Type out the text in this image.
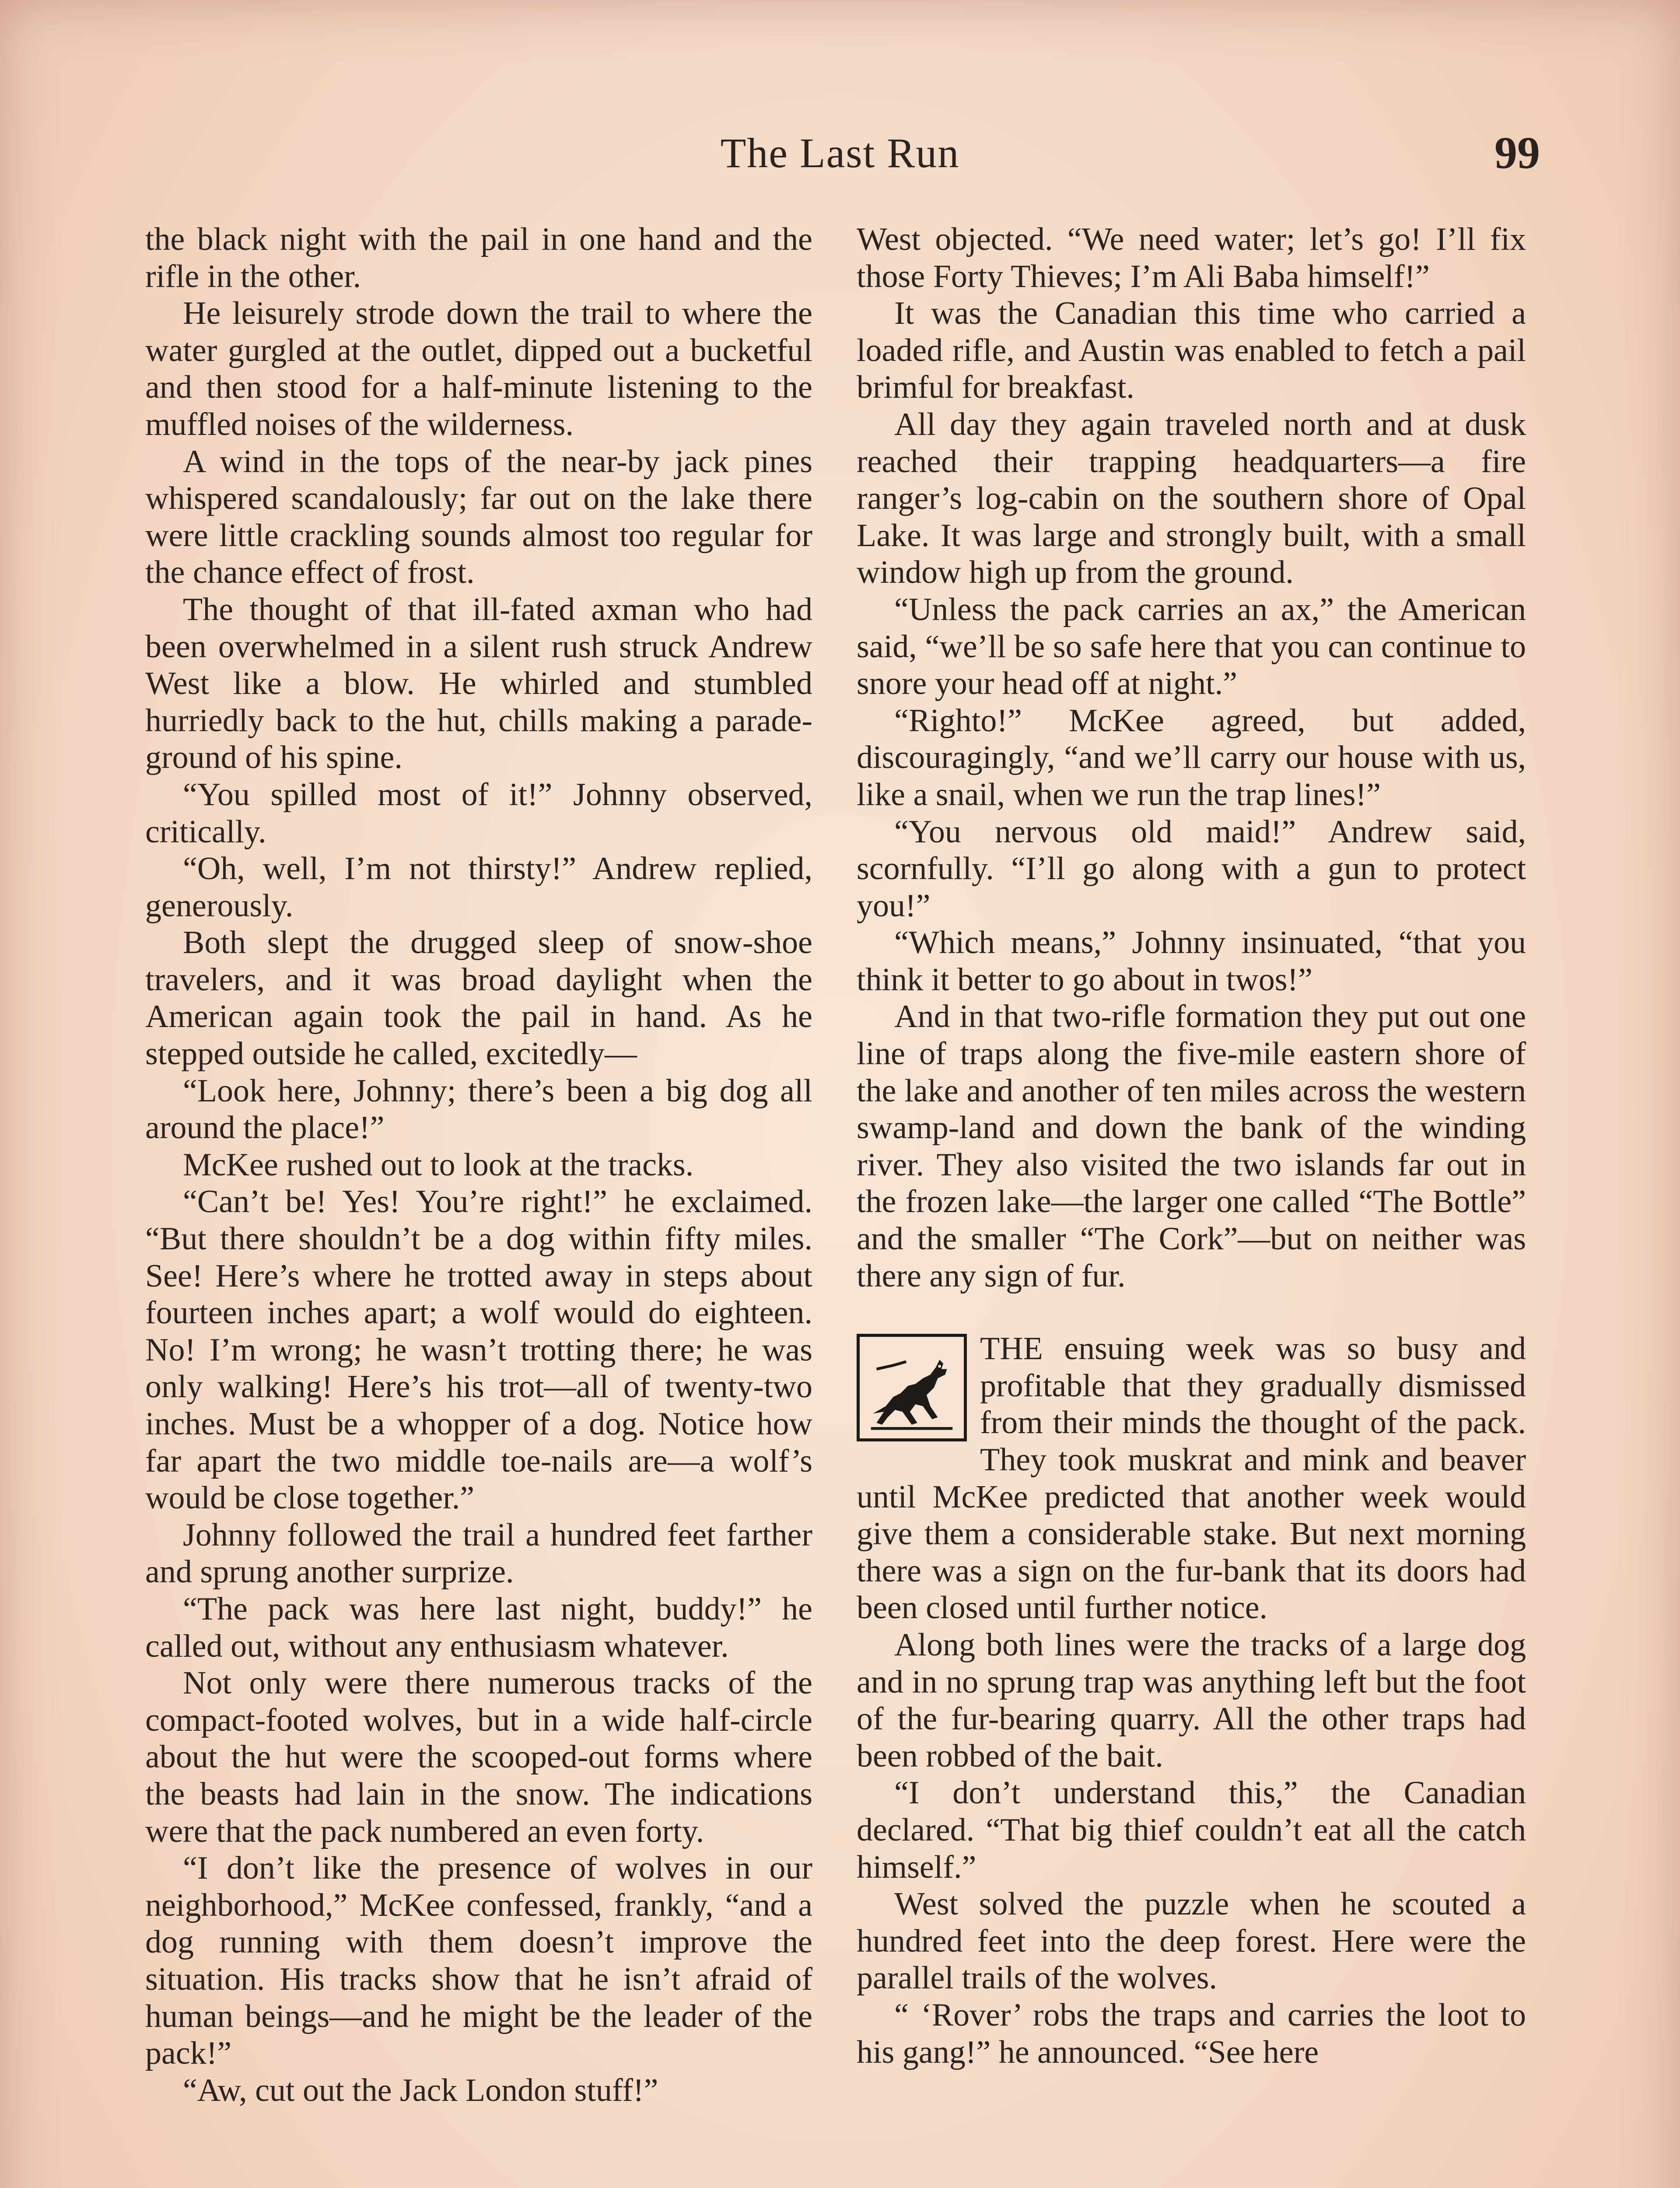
The Last Run	99

the black night with the pail in one hand and the rifle in the other.

He leisurely strode down the trail to where the water gurgled at the outlet, dipped out a bucketful and then stood for a half-minute listening to the muffled noises of the wilderness.

A wind in the tops of the near-by jack pines whispered scandalously; far out on the lake there were little crackling sounds almost too regular for the chance effect of frost.

The thought of that ill-fated axman who had been overwhelmed in a silent rush struck Andrew West like a blow. He whirled and stumbled hurriedly back to the hut, chills making a parade-ground of his spine.

“You spilled most of it!” Johnny observed, critically.

“Oh, well, I’m not thirsty!” Andrew replied, generously.

Both slept the drugged sleep of snow-shoe travelers, and it was broad daylight when the American again took the pail in hand. As he stepped outside he called, excitedly—

“Look here, Johnny; there’s been a big dog all around the place!”

McKee rushed out to look at the tracks.

“Can’t be! Yes! You’re right!” he exclaimed. “But there shouldn’t be a dog within fifty miles. See! Here’s where he trotted away in steps about fourteen inches apart; a wolf would do eighteen. No! I’m wrong; he wasn’t trotting there; he was only walking! Here’s his trot—all of twenty-two inches. Must be a whopper of a dog. Notice how far apart the two middle toe-nails are—a wolf’s would be close together.”

Johnny followed the trail a hundred feet farther and sprung another surprize.

“The pack was here last night, buddy!” he called out, without any enthusiasm whatever.

Not only were there numerous tracks of the compact-footed wolves, but in a wide half-circle about the hut were the scooped-out forms where the beasts had lain in the snow. The indications were that the pack numbered an even forty.

“I don’t like the presence of wolves in our neighborhood,” McKee confessed, frankly, “and a dog running with them doesn’t improve the situation. His tracks show that he isn’t afraid of human beings—and he might be the leader of the pack!”

“Aw, cut out the Jack London stuff!”

West objected. “We need water; let’s go! I’ll fix those Forty Thieves; I’m Ali Baba himself!”

It was the Canadian this time who carried a loaded rifle, and Austin was enabled to fetch a pail brimful for breakfast.

All day they again traveled north and at dusk reached their trapping headquarters—a fire ranger’s log-cabin on the southern shore of Opal Lake. It was large and strongly built, with a small window high up from the ground.

“Unless the pack carries an ax,” the American said, “we’ll be so safe here that you can continue to snore your head off at night.”

“Righto!” McKee agreed, but added, discouragingly, “and we’ll carry our house with us, like a snail, when we run the trap lines!”

“You nervous old maid!” Andrew said, scornfully. “I’ll go along with a gun to protect you!”

“Which means,” Johnny insinuated, “that you think it better to go about in twos!”

And in that two-rifle formation they put out one line of traps along the five-mile eastern shore of the lake and another of ten miles across the western swamp-land and down the bank of the winding river. They also visited the two islands far out in the frozen lake—the larger one called “The Bottle” and the smaller “The Cork”—but on neither was there any sign of fur.

THE ensuing week was so busy and profitable that they gradually dismissed from their minds the thought of the pack. They took muskrat and mink and beaver until McKee predicted that another week would give them a considerable stake. But next morning there was a sign on the fur-bank that its doors had been closed until further notice.

Along both lines were the tracks of a large dog and in no sprung trap was anything left but the foot of the fur-bearing quarry. All the other traps had been robbed of the bait.

“I don’t understand this,” the Canadian declared. “That big thief couldn’t eat all the catch himself.”

West solved the puzzle when he scouted a hundred feet into the deep forest. Here were the parallel trails of the wolves.

“ ‘Rover’ robs the traps and carries the loot to his gang!” he announced. “See here
